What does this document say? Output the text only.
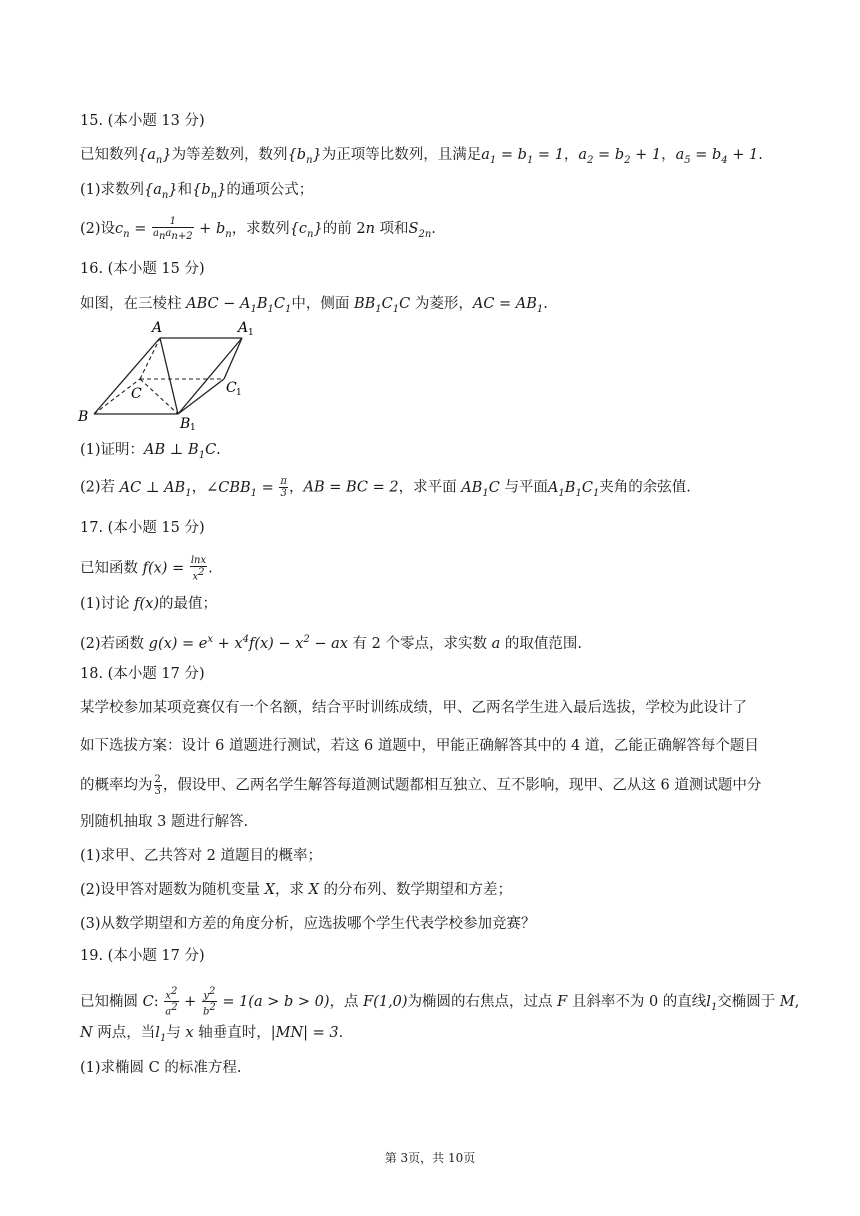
15. (本小题 13 分)
已知数列$\{a_n\}$为等差数列，数列$\{b_n\}$为正项等比数列，且满足$a_1 = b_1 = 1$，$a_2 = b_2 + 1$，$a_5 = b_4 + 1$.
(1)求数列$\{a_n\}$和$\{b_n\}$的通项公式；
(2)设$c_n = \frac{1}{a_na_{n+2}} + b_n$，求数列$\{c_n\}$的前 2n 项和$S_{2n}$.
16. (本小题 15 分)
如图，在三棱柱 ABC − $A_1B_1C_1$中，侧面 $BB_1C_1C$ 为菱形，AC = $AB_1$.
A	A 1
B	B 1
C	C 1
(1)证明：AB ⊥ $B_1C$.
(2)若 AC ⊥ $AB_1$，$\angle CBB_1 = \frac{\pi}{3}$ ，AB = BC = 2，求平面 $AB_1C$ 与平面$A_1B_1C_1$夹角的余弦值.
17. (本小题 15 分)
已知函数 $f(x) = \frac{\ln x}{x^2}$ .
(1)讨论 f(x)的最值；
(2)若函数 $g(x) = e^x + x^4f(x) - x^2$ − ax 有 2 个零点，求实数 a 的取值范围.
18. (本小题 17 分)
某学校参加某项竞赛仅有一个名额，结合平时训练成绩，甲、乙两名学生进入最后选拔，学校为此设计了
如下选拔方案：设计 6 道题进行测试，若这 6 道题中，甲能正确解答其中的 4 道，乙能正确解答每个题目
的概率均为 $\frac{2}{3}$ ，假设甲、乙两名学生解答每道测试题都相互独立、互不影响，现甲、乙从这 6 道测试题中分
别随机抽取 3 题进行解答.
(1)求甲、乙共答对 2 道题目的概率；
(2)设甲答对题数为随机变量 X，求 X 的分布列、数学期望和方差；
(3)从数学期望和方差的角度分析，应选拔哪个学生代表学校参加竞赛？
19. (本小题 17 分)
已知椭圆 C: $\frac{x^2}{a^2} + \frac{y^2}{b^2} = 1(a > b > 0)$，点 F(1,0)为椭圆的右焦点，过点 F 且斜率不为 0 的直线$l_1$交椭圆于 M,
N 两点，当$l_1$与 x 轴垂直时，|MN| = 3.
(1)求椭圆 C 的标准方程.
第 3页，共 10页
